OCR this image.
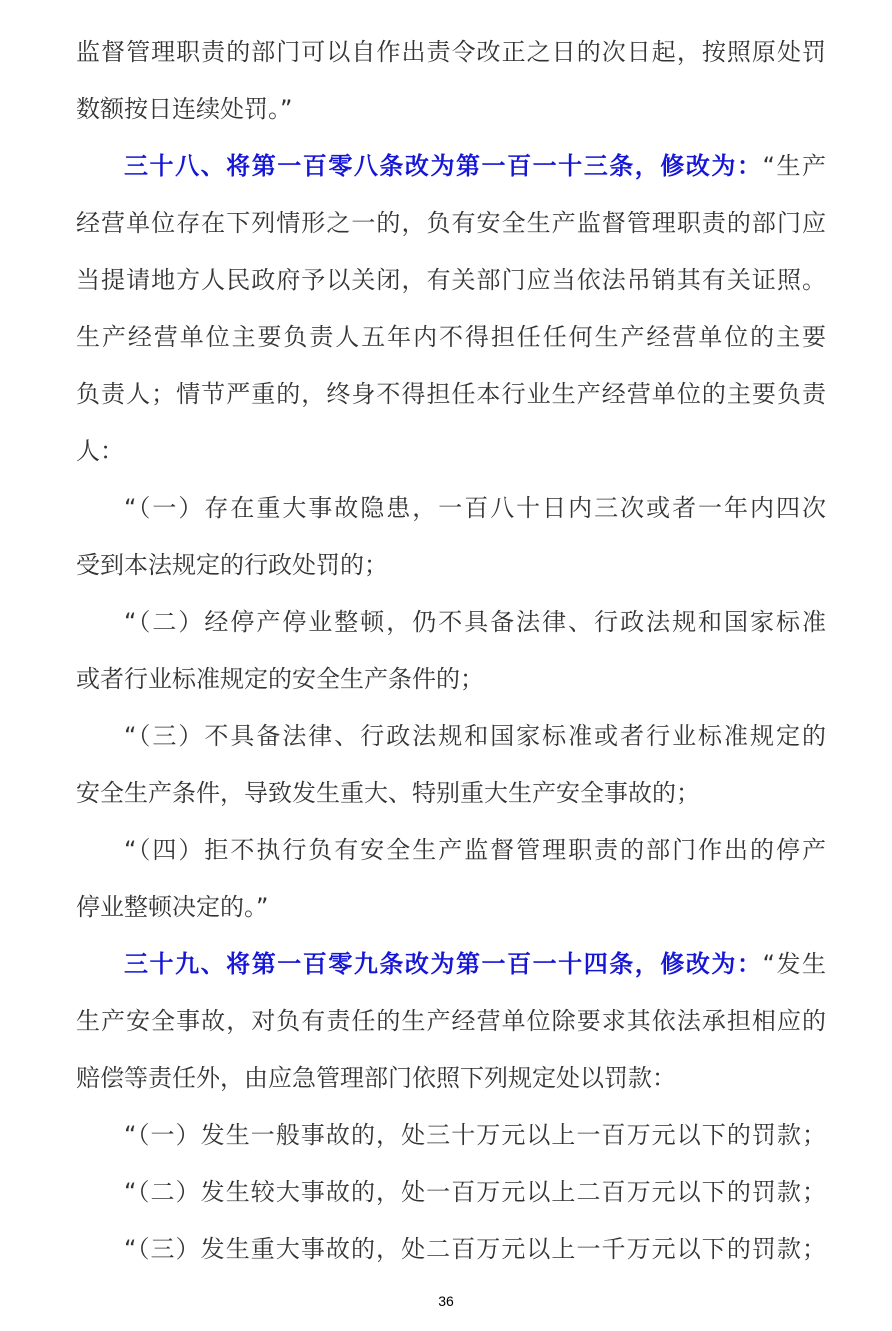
监督管理职责的部门可以自作出责令改正之日的次日起，按照原处罚
数额按日连续处罚。”
三十八、将第一百零八条改为第一百一十三条，修改为：“生产
经营单位存在下列情形之一的，负有安全生产监督管理职责的部门应
当提请地方人民政府予以关闭，有关部门应当依法吊销其有关证照。
生产经营单位主要负责人五年内不得担任任何生产经营单位的主要
负责人；情节严重的，终身不得担任本行业生产经营单位的主要负责
人：
“（一）存在重大事故隐患，一百八十日内三次或者一年内四次
受到本法规定的行政处罚的；
“（二）经停产停业整顿，仍不具备法律、行政法规和国家标准
或者行业标准规定的安全生产条件的；
“（三）不具备法律、行政法规和国家标准或者行业标准规定的
安全生产条件，导致发生重大、特别重大生产安全事故的；
“（四）拒不执行负有安全生产监督管理职责的部门作出的停产
停业整顿决定的。”
三十九、将第一百零九条改为第一百一十四条，修改为：“发生
生产安全事故，对负有责任的生产经营单位除要求其依法承担相应的
赔偿等责任外，由应急管理部门依照下列规定处以罚款：
“（一）发生一般事故的，处三十万元以上一百万元以下的罚款；
“（二）发生较大事故的，处一百万元以上二百万元以下的罚款；
“（三）发生重大事故的，处二百万元以上一千万元以下的罚款；
36
